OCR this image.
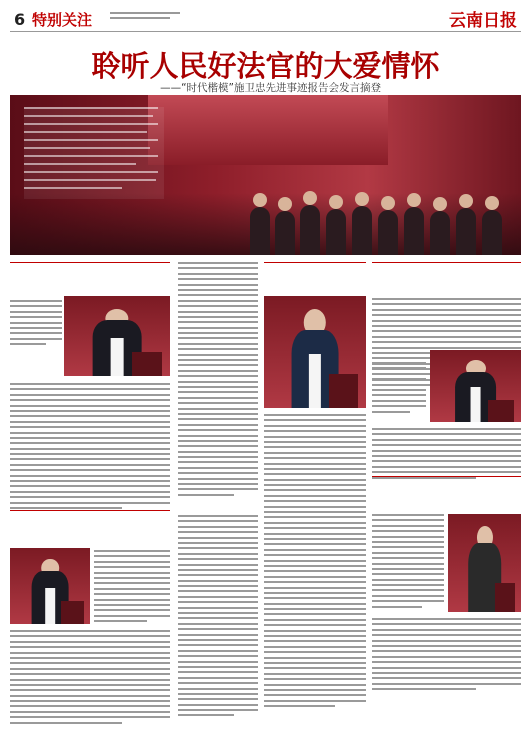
6 特别关注	云南日报
聆听人民好法官的大爱情怀
——“时代楷模”施卫忠先进事迹报告会发言摘登
